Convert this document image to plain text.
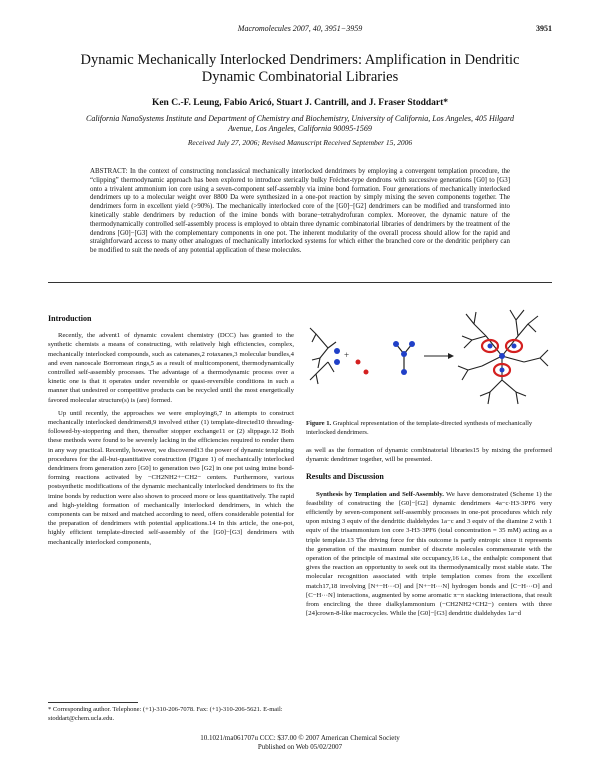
Macromolecules 2007, 40, 3951−3959	3951
Dynamic Mechanically Interlocked Dendrimers: Amplification in Dendritic Dynamic Combinatorial Libraries
Ken C.-F. Leung, Fabio Aricó, Stuart J. Cantrill, and J. Fraser Stoddart*
California NanoSystems Institute and Department of Chemistry and Biochemistry, University of California, Los Angeles, 405 Hilgard Avenue, Los Angeles, California 90095-1569
Received July 27, 2006; Revised Manuscript Received September 15, 2006
ABSTRACT: In the context of constructing nonclassical mechanically interlocked dendrimers by employing a convergent templation procedure, the “clipping” thermodynamic approach has been explored to introduce sterically bulky Fréchet-type dendrons with successive generations [G0] to [G3] onto a trivalent ammonium ion core using a seven-component self-assembly via imine bond formation. Four generations of mechanically interlocked dendrimers up to a molecular weight over 8800 Da were synthesized in a one-pot reaction by simply mixing the seven components together. The dendrimers form in excellent yield (>90%). The mechanically interlocked core of the [G0]−[G2] dendrimers can be modified and transformed into kinetically stable dendrimers by reduction of the imine bonds with borane−tetrahydrofuran complex. Moreover, the dynamic nature of the thermodynamically controlled self-assembly process is employed to obtain three dynamic combinatorial libraries of dendrimers by the treatment of the dendrons [G0]−[G3] with the complementary components in one pot. The inherent modularity of the overall process should allow for the rapid and straightforward access to many other analogues of mechanically interlocked systems for which either the branched core or the dendritic periphery can be modified to suit the needs of any potential application of these molecules.
Introduction

Recently, the advent1 of dynamic covalent chemistry (DCC) has granted to the synthetic chemists a means of constructing, with relatively high efficiencies, complex, mechanically interlocked compounds, such as catenanes,2 rotaxanes,3 molecular bundles,4 and even nanoscale Borromean rings,5 as a result of multicomponent, thermodynamically controlled self-assembly processes. The advantage of a thermodynamic process over a kinetic one is that it operates under reversible or quasi-reversible conditions in such a manner that undesired or competitive products can be recycled until the most energetically favored molecular structure(s) is (are) formed.

Up until recently, the approaches we were employing6,7 in attempts to construct mechanically interlocked dendrimers8,9 involved either (1) template-directed10 threading-followed-by-stoppering and then, thereafter stopper exchange11 or (2) slippage.12 Both these methods were found to be severely lacking in the efficiencies required to render them in any way practical. Recently, however, we discovered13 the power of dynamic templating procedures for the all-but-quantitative construction (Figure 1) of mechanically interlocked dendrimers from generation zero [G0] to generation two [G2] in one pot using imine bond-forming reactions activated by −CH2NH2+−CH2− centers. Furthermore, various postsynthetic modifications of the dynamic mechanically interlocked dendrimers to fix the imine bonds by reduction were also shown to proceed more or less quantitatively. The rapid and high-yielding formation of mechanically interlocked dendrimers, in which the components can be mixed and matched according to need, offers considerable potential for the preparation of dendrimers with potential applications.14 In this article, the one-pot, highly efficient template-directed self-assembly of the [G0]−[G3] dendrimers with mechanically interlocked components,

+
Figure 1. Graphical representation of the template-directed synthesis of mechanically interlocked dendrimers.

as well as the formation of dynamic combinatorial libraries15 by mixing the preformed dynamic dendrimer together, will be presented.

Results and Discussion

Synthesis by Templation and Self-Assembly. We have demonstrated (Scheme 1) the feasibility of constructing the [G0]−[G2] dynamic dendrimers 4a−c·H3·3PF6 very efficiently by seven-component self-assembly processes in one-pot procedures which rely upon mixing 3 equiv of the dendritic dialdehydes 1a−c and 3 equiv of the diamine 2 with 1 equiv of the trisammonium ion core 3-H3·3PF6 (total concentration = 35 mM) acting as a triple template.13 The driving force for this outcome is partly entropic since it represents the generation of the maximum number of discrete molecules commensurate with the operation of the principle of maximal site occupancy,16 i.e., the enthalpic component that gives the reaction an opportunity to seek out its thermodynamically most stable state. The molecular recognition associated with triple templation comes from the excellent match17,18 involving [N+−H···O] and [N+−H···N] hydrogen bonds and [C−H···O] and [C−H···N] interactions, augmented by some aromatic π−π stacking interactions, that result from encircling the three dialkylammonium (−CH2NH2+CH2−) centers with three [24]crown-8-like macrocycles. While the [G0]−[G3] dendritic dialdehydes 1a−d

* Corresponding author. Telephone: (+1)-310-206-7078. Fax: (+1)-310-206-5621. E-mail: stoddart@chem.ucla.edu.
10.1021/ma061707u CCC: $37.00 © 2007 American Chemical Society
Published on Web 05/02/2007
